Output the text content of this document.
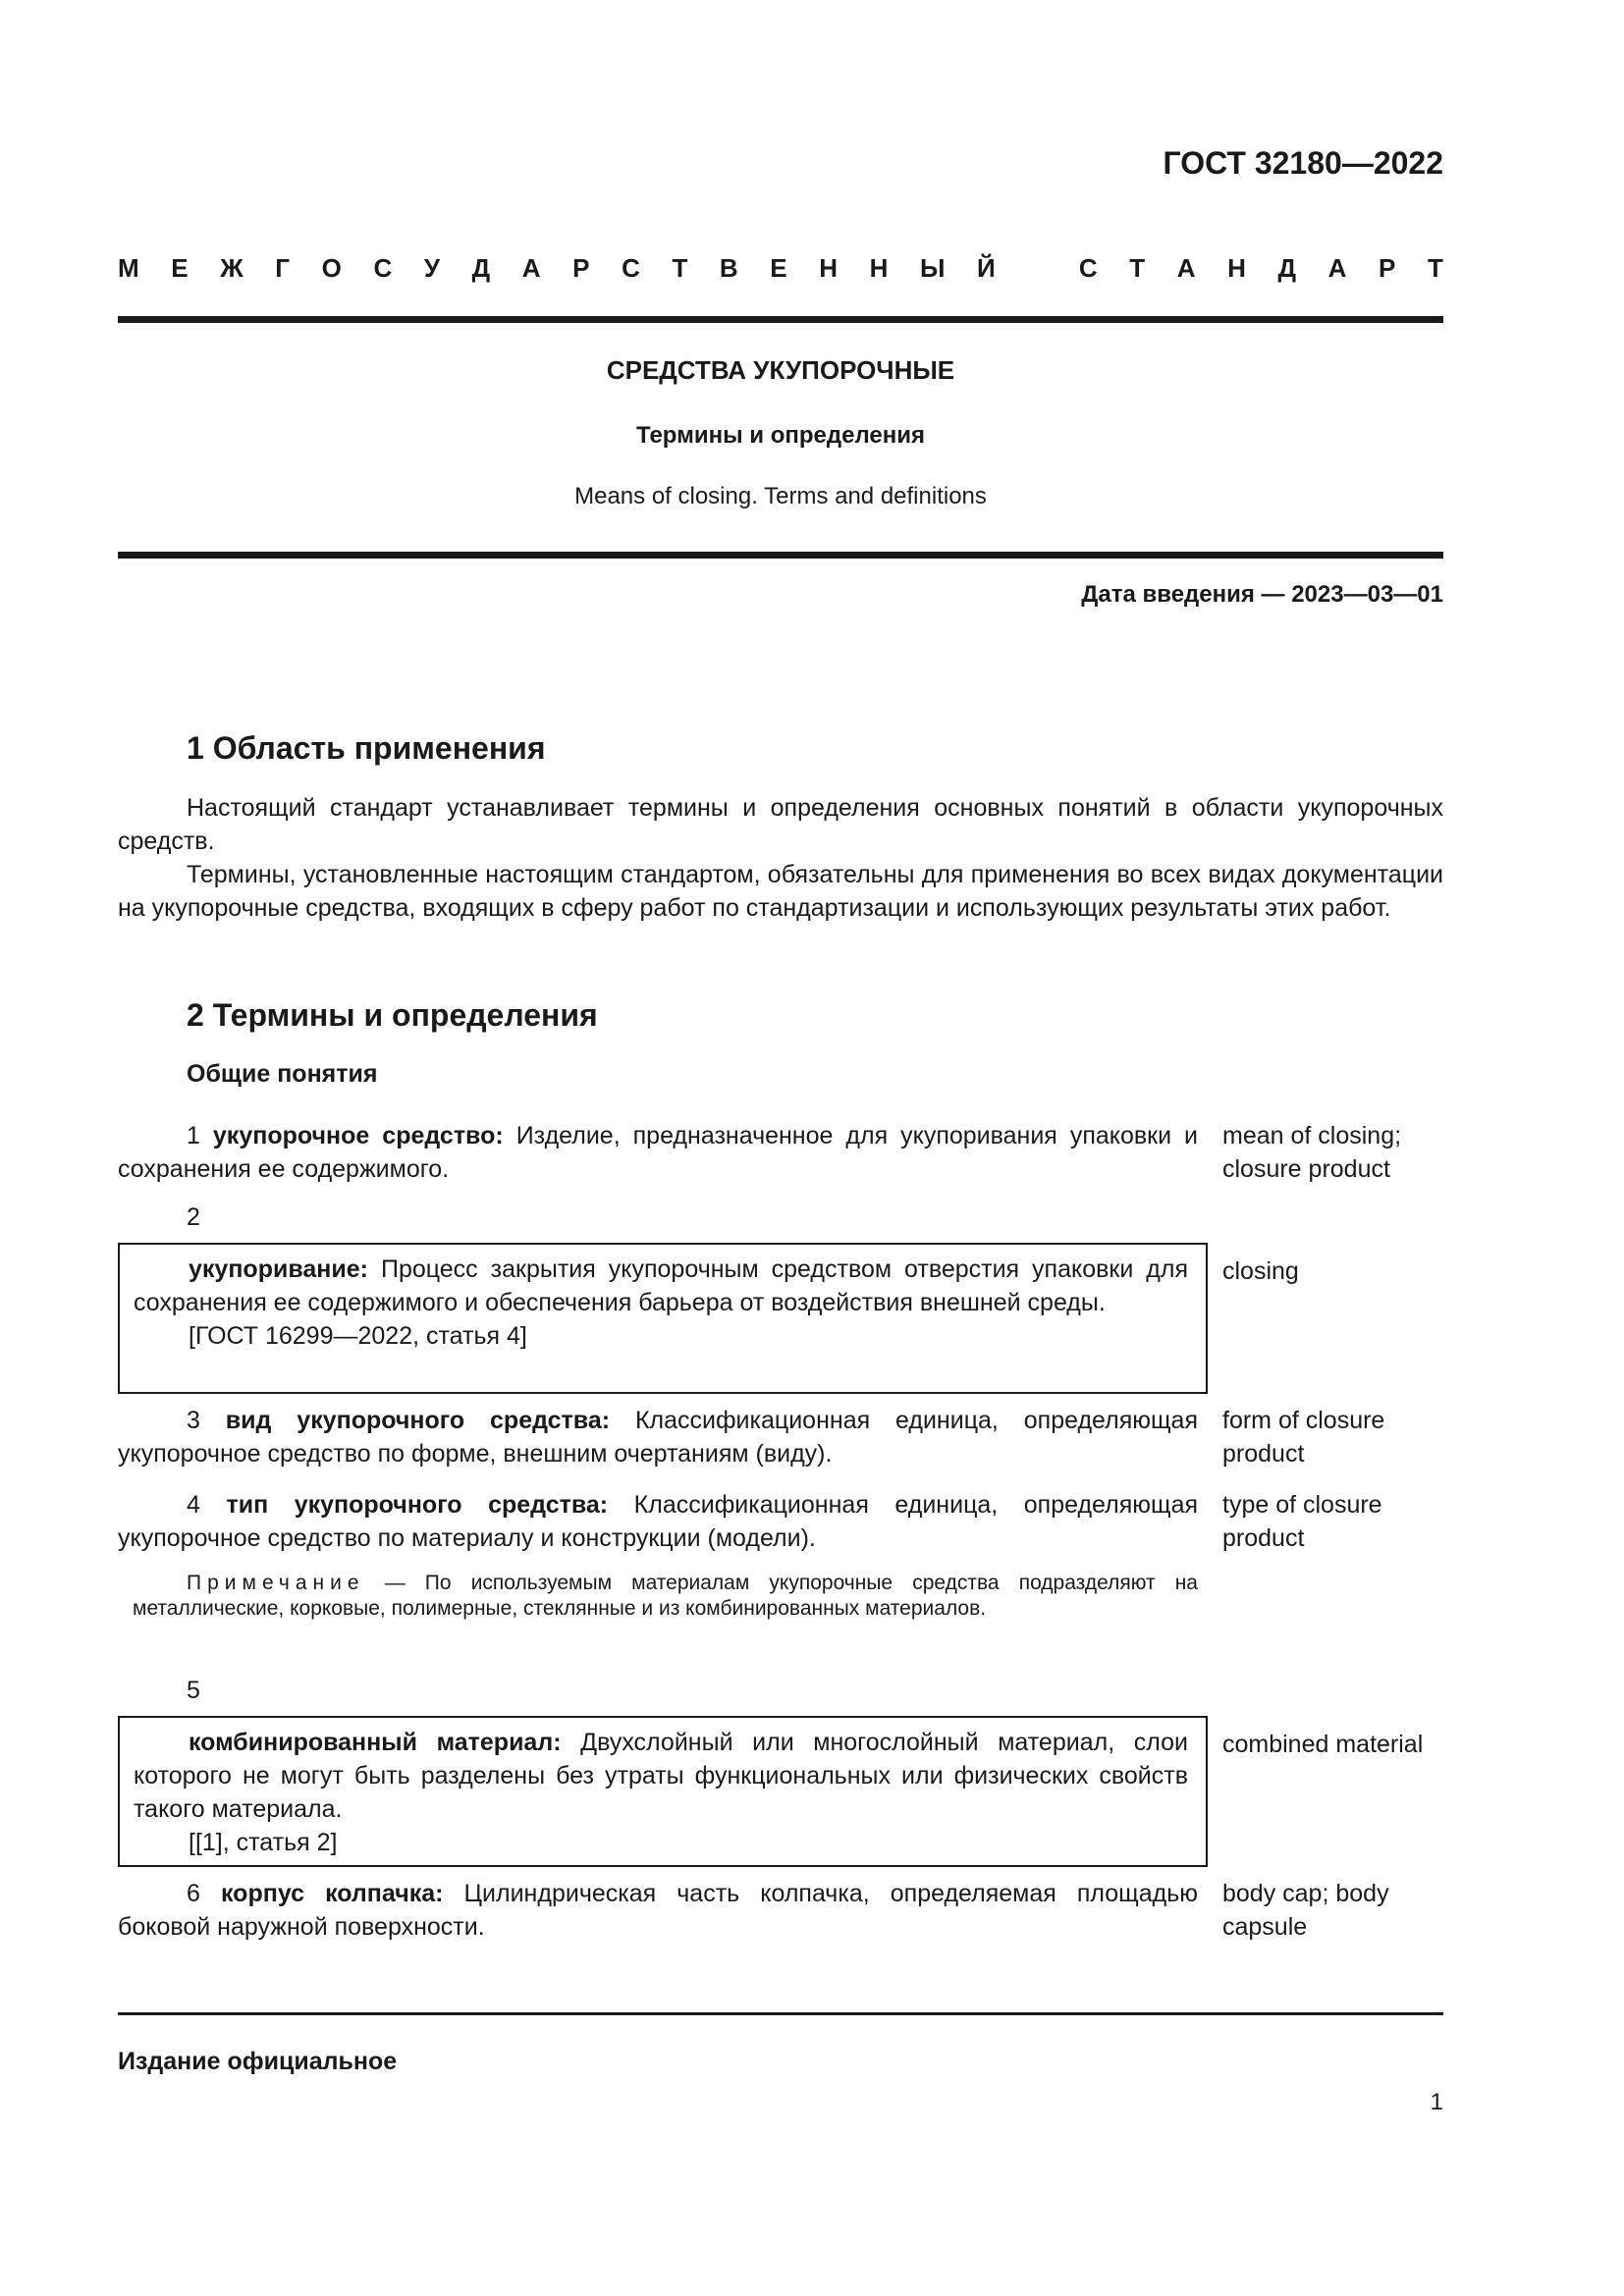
ГОСТ 32180—2022
М Е Ж Г О С У Д А Р С Т В Е Н Н Ы Й	С Т А Н Д А Р Т
СРЕДСТВА УКУПОРОЧНЫЕ
Термины и определения
Means of closing. Terms and definitions
Дата введения — 2023—03—01
1 Область применения

Настоящий стандарт устанавливает термины и определения основных понятий в области укупорочных средств.

Термины, установленные настоящим стандартом, обязательны для применения во всех видах документации на укупорочные средства, входящих в сферу работ по стандартизации и использующих результаты этих работ.

2 Термины и определения
Общие понятия
1 укупорочное средство: Изделие, предназначенное для укупоривания упаковки и сохранения ее содержимого.
mean of closing; closure product
2
укупоривание: Процесс закрытия укупорочным средством отверстия упаковки для сохранения ее содержимого и обеспечения барьера от воздействия внешней среды.
[ГОСТ 16299—2022, статья 4]
closing
3 вид укупорочного средства: Классификационная единица, определяющая укупорочное средство по форме, внешним очертаниям (виду).
form of closure product
4 тип укупорочного средства: Классификационная единица, определяющая укупорочное средство по материалу и конструкции (модели).
type of closure product
Примечание — По используемым материалам укупорочные средства подразделяют на металлические, корковые, полимерные, стеклянные и из комбинированных материалов.
5
комбинированный материал: Двухслойный или многослойный материал, слои которого не могут быть разделены без утраты функциональных или физических свойств такого материала.
[[1], статья 2]
combined material
6 корпус колпачка: Цилиндрическая часть колпачка, определяемая площадью боковой наружной поверхности.
body cap; body capsule
Издание официальное
1
